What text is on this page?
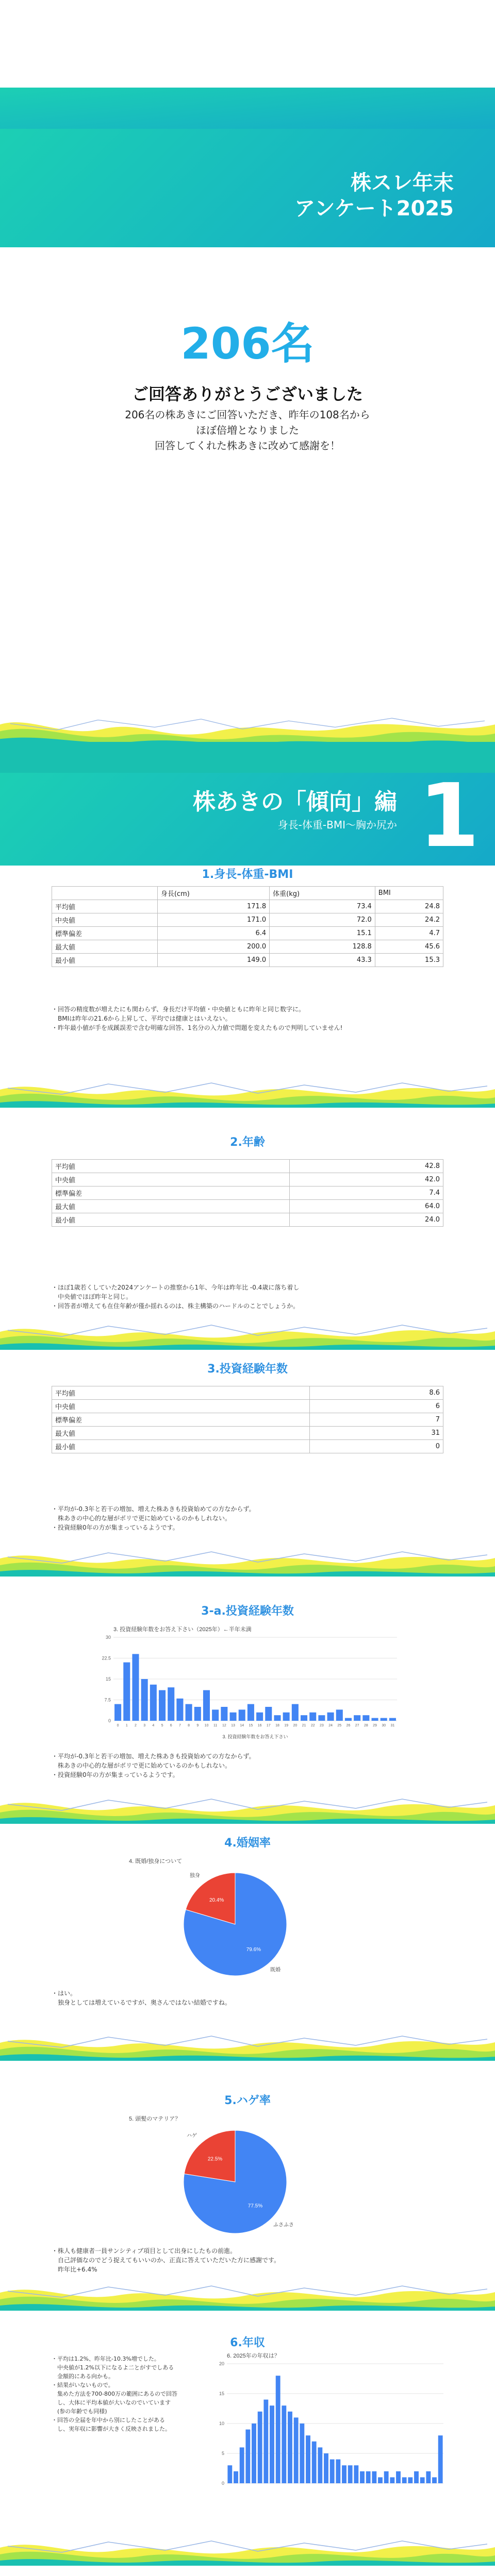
株スレ年末
アンケート2025
206名
ご回答ありがとうございました
206名の株あきにご回答いただき、昨年の108名から
ほぼ倍増となりました
回答してくれた株あきに改めて感謝を！
株あきの「傾向」編
身長‐体重‐BMI〜胸か尻か 1
1.身長‐体重‐BMI
	身長(cm)	体重(kg)	BMI
平均値	171.8	73.4	24.8
中央値	171.0	72.0	24.2
標準偏差	6.4	15.1	4.7
最大値	200.0	128.8	45.6
最小値	149.0	43.3	15.3
・回答の精度数が増えたにも関わらず、身長だけ平均値・中央値ともに昨年と同じ数字に。
　BMIは昨年の21.6から上昇して、平均では健康とはいえない。
・昨年最小値が手を成蹊誤差で含む明確な回答、1名分の入力値で問題を変えたもので判明していません!
2.年齢
平均値	42.8
中央値	42.0
標準偏差	7.4
最大値	64.0
最小値	24.0
・ほぼ1歳若くしていた2024アンケートの推察から1年、今年は昨年比 -0.4歳に落ち着し
　中央値でほぼ昨年と同じ。
・回答者が増えても在住年齢が僅か揺れるのは、株主構築のハードルのことでしょうか。
3.投資経験年数
平均値	8.6
中央値	6
標準偏差	7
最大値	31
最小値	0
・平均が-0.3年と若干の増加、増えた株あきも投資始めての方なからず。
　株あきの中心的な層がボリで更に始めているのかもしれない。
・投資経験0年の方が集まっているようです。
3-a.投資経験年数
3. 投資経験年数をお答え下さい（2025年）←半年未満
0
7.5
15
22.5
30
0 1 2 3 4 5 6 7 8 9 10 11 12 13 14 15 16 17 18 19 20 21 22 23 24 25 26 27 28 29 30 31
3. 投資経験年数をお答え下さい
・平均が-0.3年と若干の増加、増えた株あきも投資始めての方なからず。
　株あきの中心的な層がボリで更に始めているのかもしれない。
・投資経験0年の方が集まっているようです。
4.婚姻率
4. 既婚/独身について
79.6%
既婚
20.4%
独身
・はい。
　独身としては増えているですが、奥さんではない結婚ですね。
5.ハゲ率
5. 頭髪のマテリア？
77.5%
ふさふさ
22.5%
ハゲ
・株人も健康者一員サンシティブ項目として出身にしたもの前進。
　自己評価なのでどう捉えてもいいのか、正直に答えていただいた方に感謝です。
　昨年比+6.4%
6.年収
・平均は1.2%、昨年比-10.3%増でした。
　中央値が1.2%以下になるよ二とがすでしある
　金額的にある向かも。
・結果がいないもので。
　集めた方法を700-800万の範囲にあるので回答
　し、大体に平均本値が大いなのでいています
　(参の年齢でも同様)
・回答の全届を年中から別にしたことがある
　し、実年収に影響が大きく反映されました。
6. 2025年の年収は？
0
5
10
15
20
